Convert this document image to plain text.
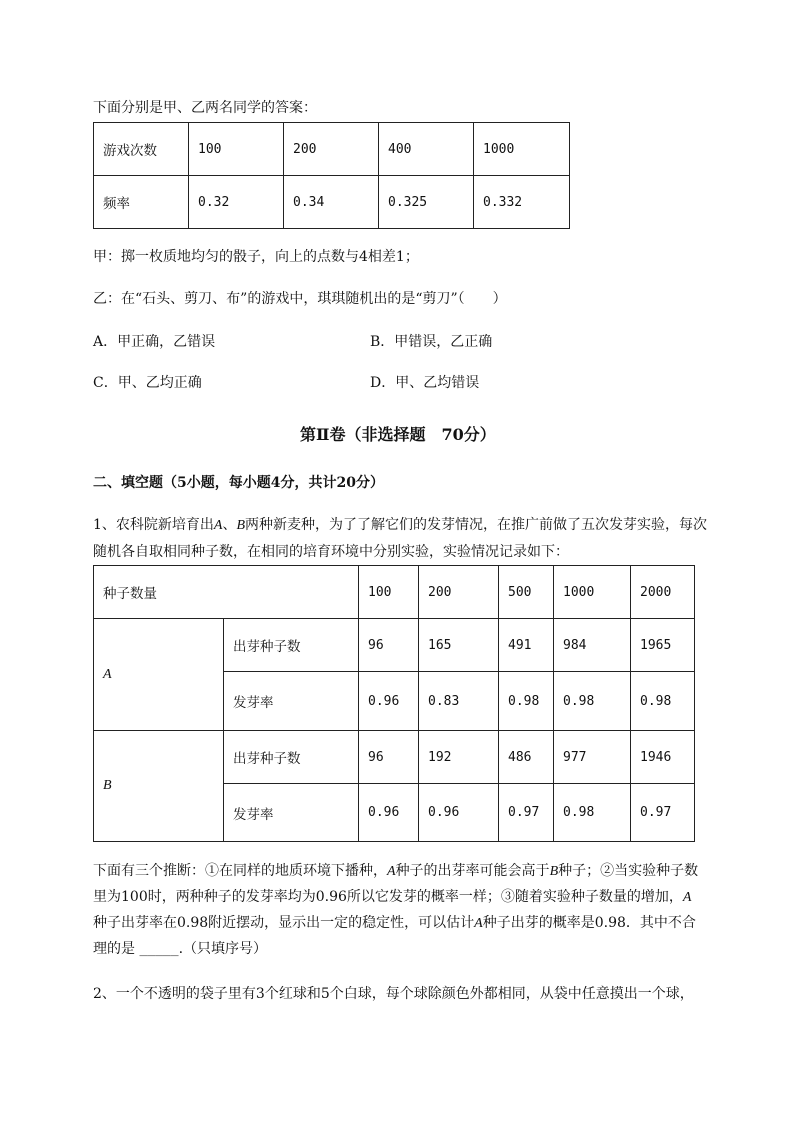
下面分别是甲、乙两名同学的答案：
游戏次数	100	200	400	1000
频率	0.32	0.34	0.325	0.332
甲：掷一枚质地均匀的骰子，向上的点数与4相差1；
乙：在“石头、剪刀、布”的游戏中，琪琪随机出的是“剪刀”（　　）
A．甲正确，乙错误	B．甲错误，乙正确
C．甲、乙均正确	D．甲、乙均错误
第Ⅱ卷（非选择题　70分）
二、填空题（5小题，每小题4分，共计20分）
1、农科院新培育出A、B两种新麦种，为了了解它们的发芽情况，在推广前做了五次发芽实验，每次
随机各自取相同种子数，在相同的培育环境中分别实验，实验情况记录如下：
种子数量		100	200	500	1000	2000
A	出芽种子数	96	165	491	984	1965
	发芽率	0.96	0.83	0.98	0.98	0.98
B	出芽种子数	96	192	486	977	1946
	发芽率	0.96	0.96	0.97	0.98	0.97
下面有三个推断：①在同样的地质环境下播种，A种子的出芽率可能会高于B种子；②当实验种子数
里为100时，两种种子的发芽率均为0.96所以它发芽的概率一样；③随着实验种子数量的增加，A
种子出芽率在0.98附近摆动，显示出一定的稳定性，可以估计A种子出芽的概率是0.98．其中不合
理的是 _____.（只填序号）
2、一个不透明的袋子里有3个红球和5个白球，每个球除颜色外都相同，从袋中任意摸出一个球，
